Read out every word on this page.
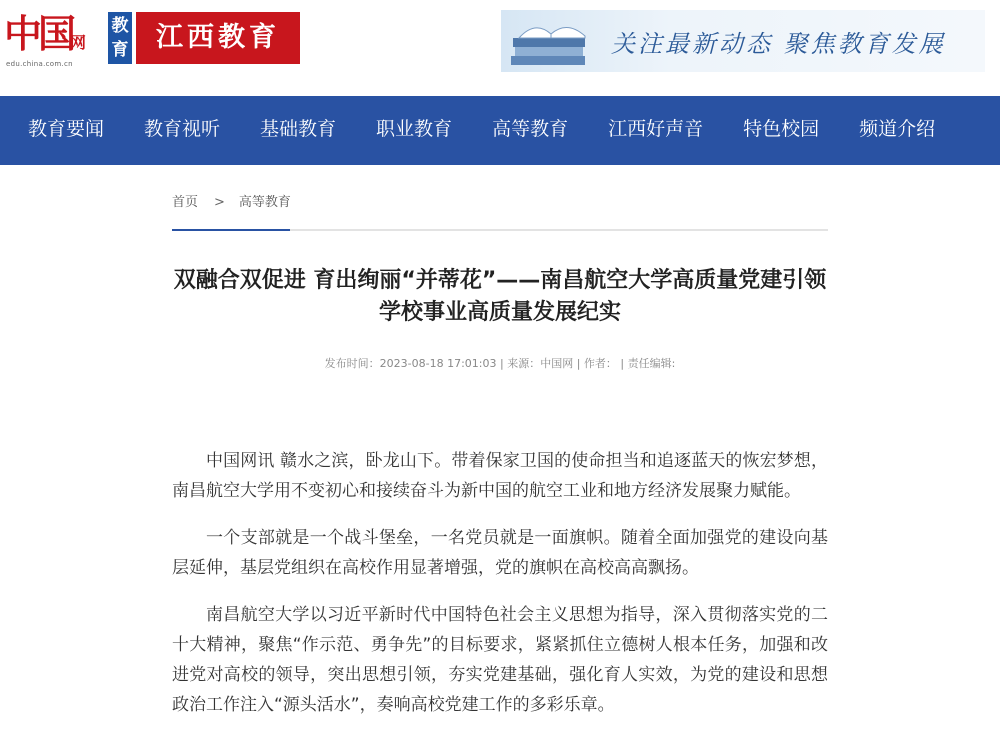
中国
网
edu.china.com.cn
教育	江西教育	关注最新动态 聚焦教育发展
教育要闻	教育视听	基础教育	职业教育	高等教育	江西好声音	特色校园	频道介绍
首页 > 高等教育
双融合双促进 育出绚丽“并蒂花”——南昌航空大学高质量党建引领学校事业高质量发展纪实
发布时间：2023-08-18 17:01:03 | 来源：中国网 | 作者： | 责任编辑:

中国网讯 赣水之滨，卧龙山下。带着保家卫国的使命担当和追逐蓝天的恢宏梦想，南昌航空大学用不变初心和接续奋斗为新中国的航空工业和地方经济发展聚力赋能。

一个支部就是一个战斗堡垒，一名党员就是一面旗帜。随着全面加强党的建设向基层延伸，基层党组织在高校作用显著增强，党的旗帜在高校高高飘扬。

南昌航空大学以习近平新时代中国特色社会主义思想为指导，深入贯彻落实党的二十大精神，聚焦“作示范、勇争先”的目标要求，紧紧抓住立德树人根本任务，加强和改进党对高校的领导，突出思想引领，夯实党建基础，强化育人实效，为党的建设和思想政治工作注入“源头活水”，奏响高校党建工作的多彩乐章。
